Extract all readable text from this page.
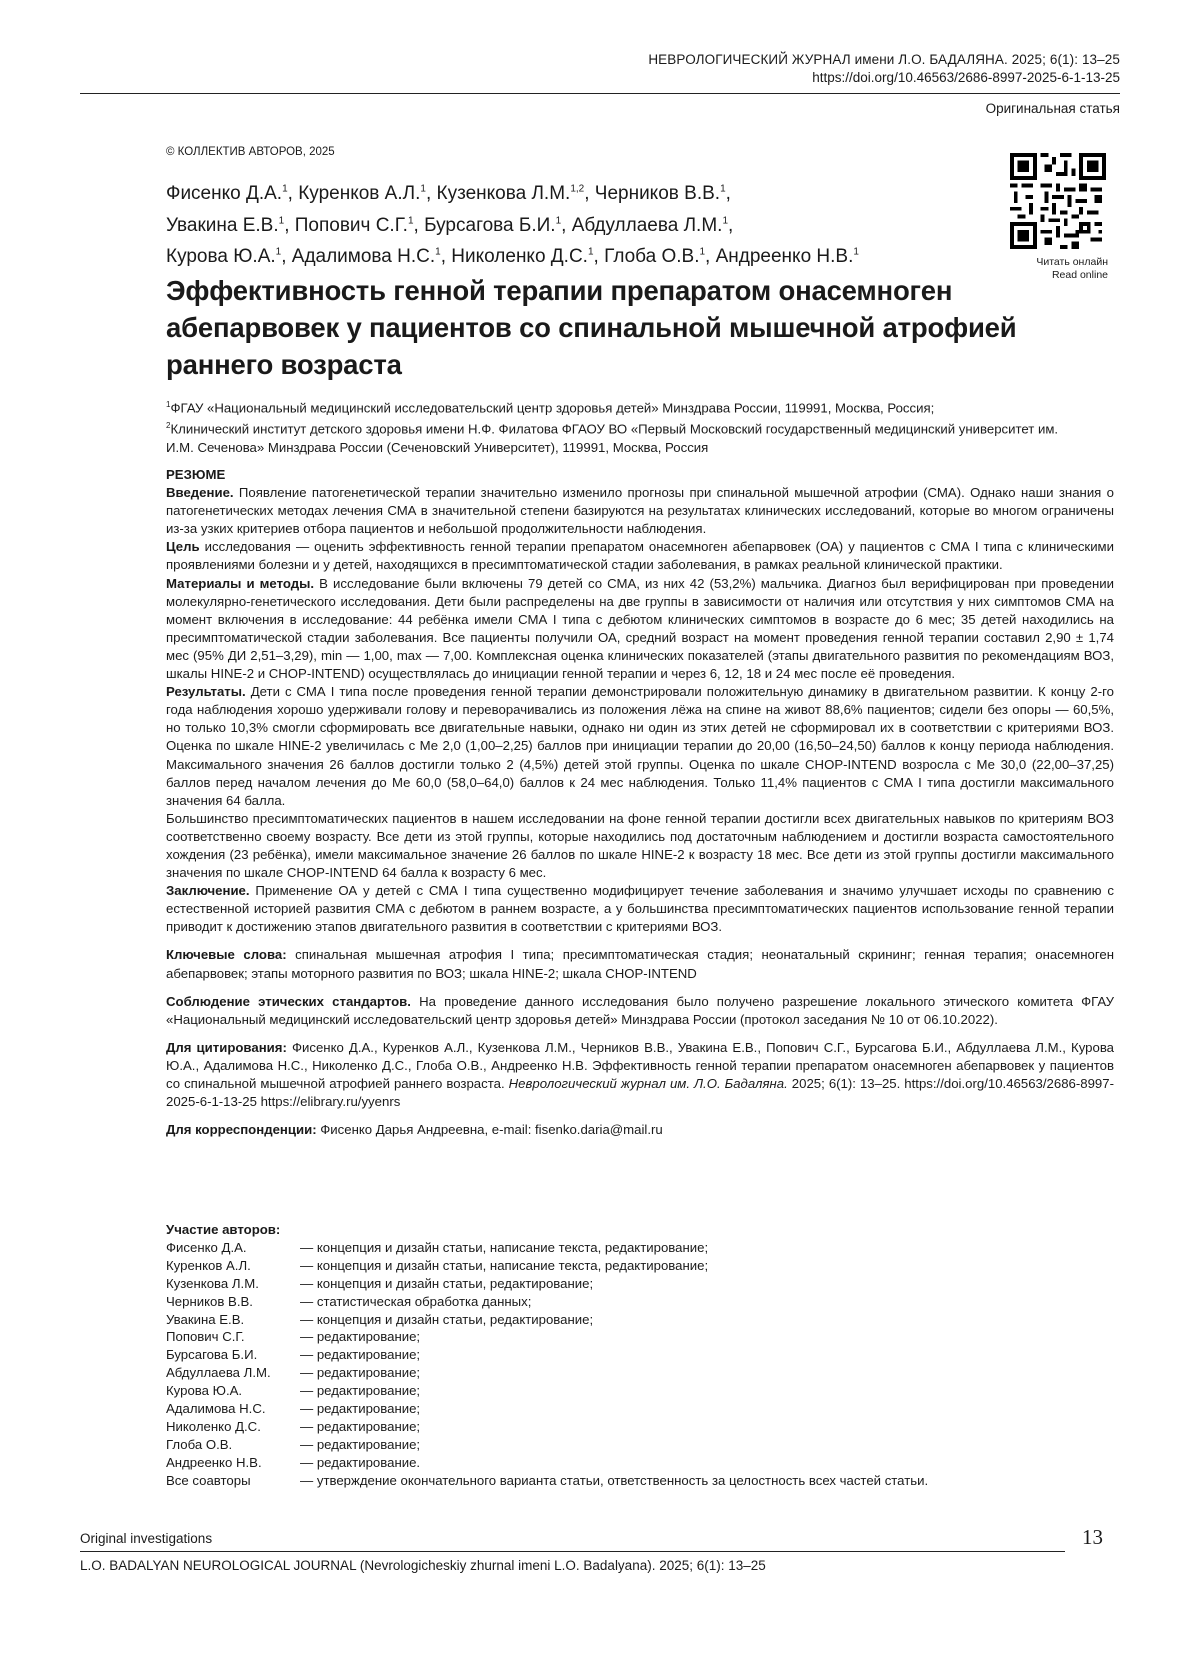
НЕВРОЛОГИЧЕСКИЙ ЖУРНАЛ имени Л.О. БАДАЛЯНА. 2025; 6(1): 13–25
https://doi.org/10.46563/2686-8997-2025-6-1-13-25
Оригинальная статья
© КОЛЛЕКТИВ АВТОРОВ, 2025
Фисенко Д.А.$^1$, Куренков А.Л.$^1$, Кузенкова Л.М.$^{1,2}$, Черников В.В.$^1$,
Увакина Е.В.$^1$, Попович С.Г.$^1$, Бурсагова Б.И.$^1$, Абдуллаева Л.М.$^1$,
Курова Ю.А.$^1$, Адалимова Н.С.$^1$, Николенко Д.С.$^1$, Глоба О.В.$^1$, Андреенко Н.В.$^1$
Читать онлайн
Read online
Эффективность генной терапии препаратом онасемноген абепарвовек у пациентов со спинальной мышечной атрофией раннего возраста
$^1$ФГАУ «Национальный медицинский исследовательский центр здоровья детей» Минздрава России, 119991, Москва, Россия;
$^2$Клинический институт детского здоровья имени Н.Ф. Филатова ФГАОУ ВО «Первый Московский государственный медицинский университет им. И.М. Сеченова» Минздрава России (Сеченовский Университет), 119991, Москва, Россия

РЕЗЮМЕ

Введение. Появление патогенетической терапии значительно изменило прогнозы при спинальной мышечной атрофии (СМА). Однако наши знания о патогенетических методах лечения СМА в значительной степени базируются на результатах клинических исследований, которые во многом ограничены из-за узких критериев отбора пациентов и небольшой продолжительности наблюдения.

Цель исследования — оценить эффективность генной терапии препаратом онасемноген абепарвовек (ОА) у пациентов с СМА I типа с клиническими проявлениями болезни и у детей, находящихся в пресимптоматической стадии заболевания, в рамках реальной клинической практики.

Материалы и методы. В исследование были включены 79 детей со СМА, из них 42 (53,2%) мальчика. Диагноз был верифицирован при проведении молекулярно-генетического исследования. Дети были распределены на две группы в зависимости от наличия или отсутствия у них симптомов СМА на момент включения в исследование: 44 ребёнка имели СМА I типа с дебютом клинических симптомов в возрасте до 6 мес; 35 детей находились на пресимптоматической стадии заболевания. Все пациенты получили ОА, средний возраст на момент проведения генной терапии составил 2,90 ± 1,74 мес (95% ДИ 2,51–3,29), min — 1,00, max — 7,00. Комплексная оценка клинических показателей (этапы двигательного развития по рекомендациям ВОЗ, шкалы HINE-2 и CHOP-INTEND) осуществлялась до инициации генной терапии и через 6, 12, 18 и 24 мес после её проведения.

Результаты. Дети с СМА I типа после проведения генной терапии демонстрировали положительную динамику в двигательном развитии. К концу 2-го года наблюдения хорошо удерживали голову и переворачивались из положения лёжа на спине на живот 88,6% пациентов; сидели без опоры — 60,5%, но только 10,3% смогли сформировать все двигательные навыки, однако ни один из этих детей не сформировал их в соответствии с критериями ВОЗ. Оценка по шкале HINE-2 увеличилась с Ме 2,0 (1,00–2,25) баллов при инициации терапии до 20,00 (16,50–24,50) баллов к концу периода наблюдения. Максимального значения 26 баллов достигли только 2 (4,5%) детей этой группы. Оценка по шкале CHOP-INTEND возросла с Ме 30,0 (22,00–37,25) баллов перед началом лечения до Ме 60,0 (58,0–64,0) баллов к 24 мес наблюдения. Только 11,4% пациентов с СМА I типа достигли максимального значения 64 балла.

Большинство пресимптоматических пациентов в нашем исследовании на фоне генной терапии достигли всех двигательных навыков по критериям ВОЗ соответственно своему возрасту. Все дети из этой группы, которые находились под достаточным наблюдением и достигли возраста самостоятельного хождения (23 ребёнка), имели максимальное значение 26 баллов по шкале HINE-2 к возрасту 18 мес. Все дети из этой группы достигли максимального значения по шкале CHOP-INTEND 64 балла к возрасту 6 мес.

Заключение. Применение ОА у детей с СМА I типа существенно модифицирует течение заболевания и значимо улучшает исходы по сравнению с естественной историей развития СМА с дебютом в раннем возрасте, а у большинства пресимптоматических пациентов использование генной терапии приводит к достижению этапов двигательного развития в соответствии с критериями ВОЗ.

Ключевые слова: спинальная мышечная атрофия I типа; пресимптоматическая стадия; неонатальный скрининг; генная терапия; онасемноген абепарвовек; этапы моторного развития по ВОЗ; шкала HINE-2; шкала CHOP-INTEND

Соблюдение этических стандартов. На проведение данного исследования было получено разрешение локального этического комитета ФГАУ «Национальный медицинский исследовательский центр здоровья детей» Минздрава России (протокол заседания № 10 от 06.10.2022).

Для цитирования: Фисенко Д.А., Куренков А.Л., Кузенкова Л.М., Черников В.В., Увакина Е.В., Попович С.Г., Бурсагова Б.И., Абдуллаева Л.М., Курова Ю.А., Адалимова Н.С., Николенко Д.С., Глоба О.В., Андреенко Н.В. Эффективность генной терапии препаратом онасемноген абепарвовек у пациентов со спинальной мышечной атрофией раннего возраста. Неврологический журнал им. Л.О. Бадаляна. 2025; 6(1): 13–25. https://doi.org/10.46563/2686-8997-2025-6-1-13-25 https://elibrary.ru/yyenrs

Для корреспонденции: Фисенко Дарья Андреевна, e-mail: fisenko.daria@mail.ru

Участие авторов:
Фисенко Д.А.	— концепция и дизайн статьи, написание текста, редактирование;
Куренков А.Л.	— концепция и дизайн статьи, написание текста, редактирование;
Кузенкова Л.М.	— концепция и дизайн статьи, редактирование;
Черников В.В.	— статистическая обработка данных;
Увакина Е.В.	— концепция и дизайн статьи, редактирование;
Попович С.Г.	— редактирование;
Бурсагова Б.И.	— редактирование;
Абдуллаева Л.М.	— редактирование;
Курова Ю.А.	— редактирование;
Адалимова Н.С.	— редактирование;
Николенко Д.С.	— редактирование;
Глоба О.В.	— редактирование;
Андреенко Н.В.	— редактирование.
Все соавторы	— утверждение окончательного варианта статьи, ответственность за целостность всех частей статьи.
Original investigations	13
L.O. BADALYAN NEUROLOGICAL JOURNAL (Nevrologicheskiy zhurnal imeni L.O. Badalyana). 2025; 6(1): 13–25
